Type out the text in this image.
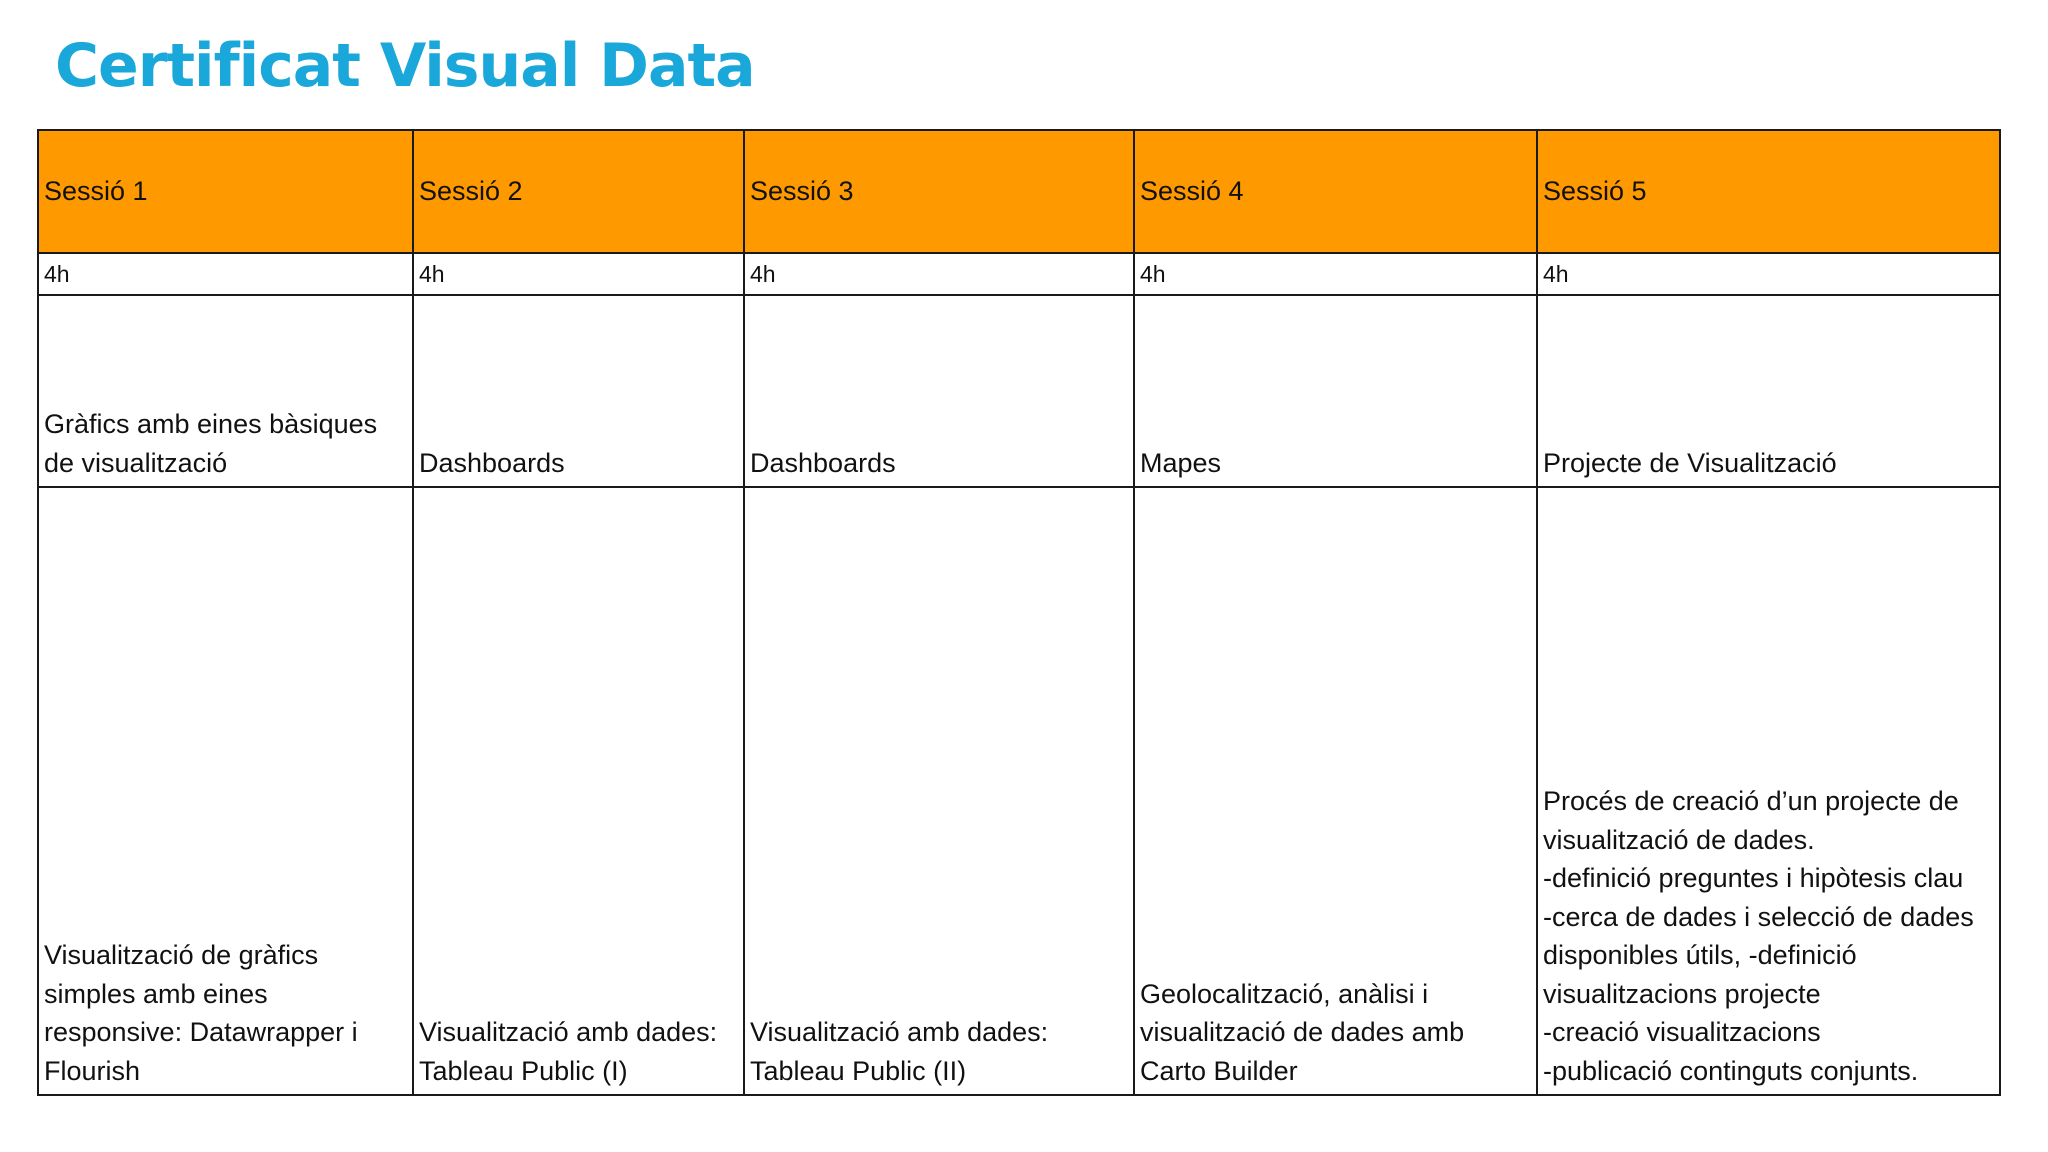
Certificat Visual Data
Sessió 1	Sessió 2	Sessió 3	Sessió 4	Sessió 5
4h	4h	4h	4h	4h
Gràfics amb eines bàsiques de visualització	Dashboards	Dashboards	Mapes	Projecte de Visualització
Visualització de gràfics simples amb eines responsive: Datawrapper i Flourish	Visualització amb dades: Tableau Public (I)	Visualització amb dades: Tableau Public (II)	Geolocalització, anàlisi i visualització de dades amb Carto Builder	Procés de creació d’un projecte de visualització de dades.
-definició preguntes i hipòtesis clau
-cerca de dades i selecció de dades disponibles útils, -definició visualitzacions projecte
-creació visualitzacions
-publicació continguts conjunts.
